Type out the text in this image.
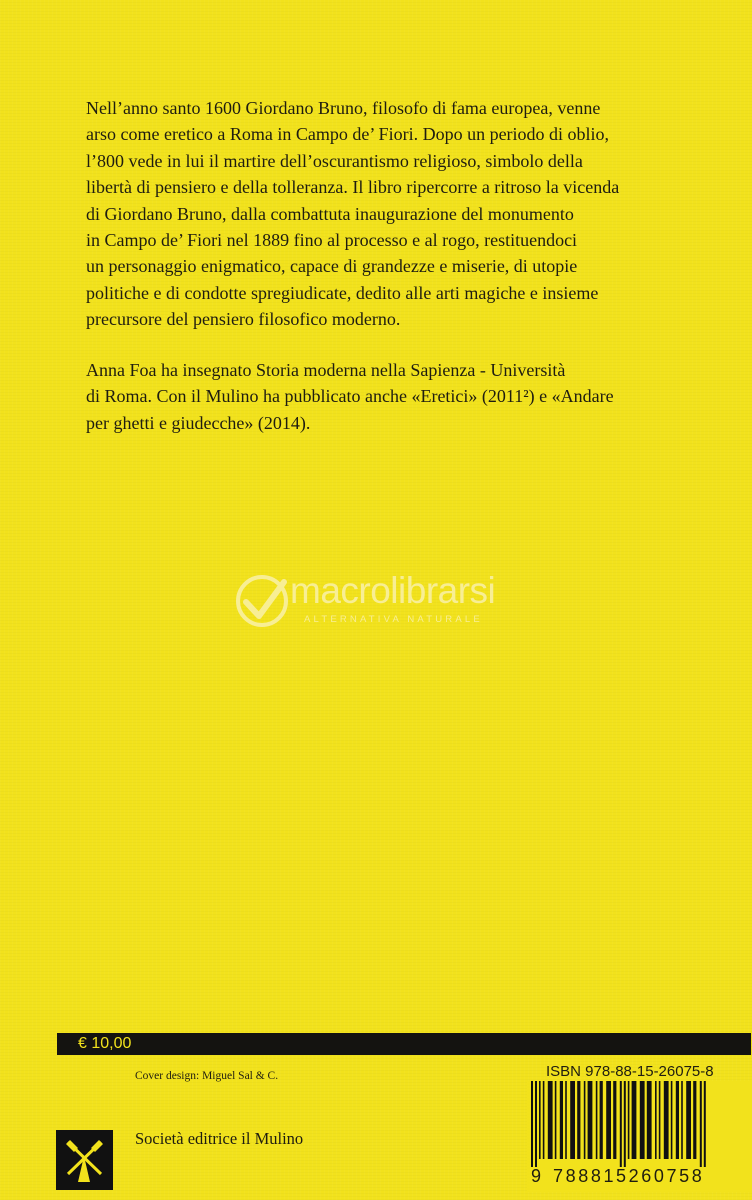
Nell’anno santo 1600 Giordano Bruno, filosofo di fama europea, venne
arso come eretico a Roma in Campo de’ Fiori. Dopo un periodo di oblio,
l’800 vede in lui il martire dell’oscurantismo religioso, simbolo della
libertà di pensiero e della tolleranza. Il libro ripercorre a ritroso la vicenda
di Giordano Bruno, dalla combattuta inaugurazione del monumento
in Campo de’ Fiori nel 1889 fino al processo e al rogo, restituendoci
un personaggio enigmatico, capace di grandezze e miserie, di utopie
politiche e di condotte spregiudicate, dedito alle arti magiche e insieme
precursore del pensiero filosofico moderno.
Anna Foa ha insegnato Storia moderna nella Sapienza - Università
di Roma. Con il Mulino ha pubblicato anche «Eretici» (2011²) e «Andare
per ghetti e giudecche» (2014).
macrolibrarsi
ALTERNATIVA NATURALE
€ 10,00
Cover design: Miguel Sal & C.	ISBN 978-88-15-26075-8
9 788815260758
Società editrice il Mulino
